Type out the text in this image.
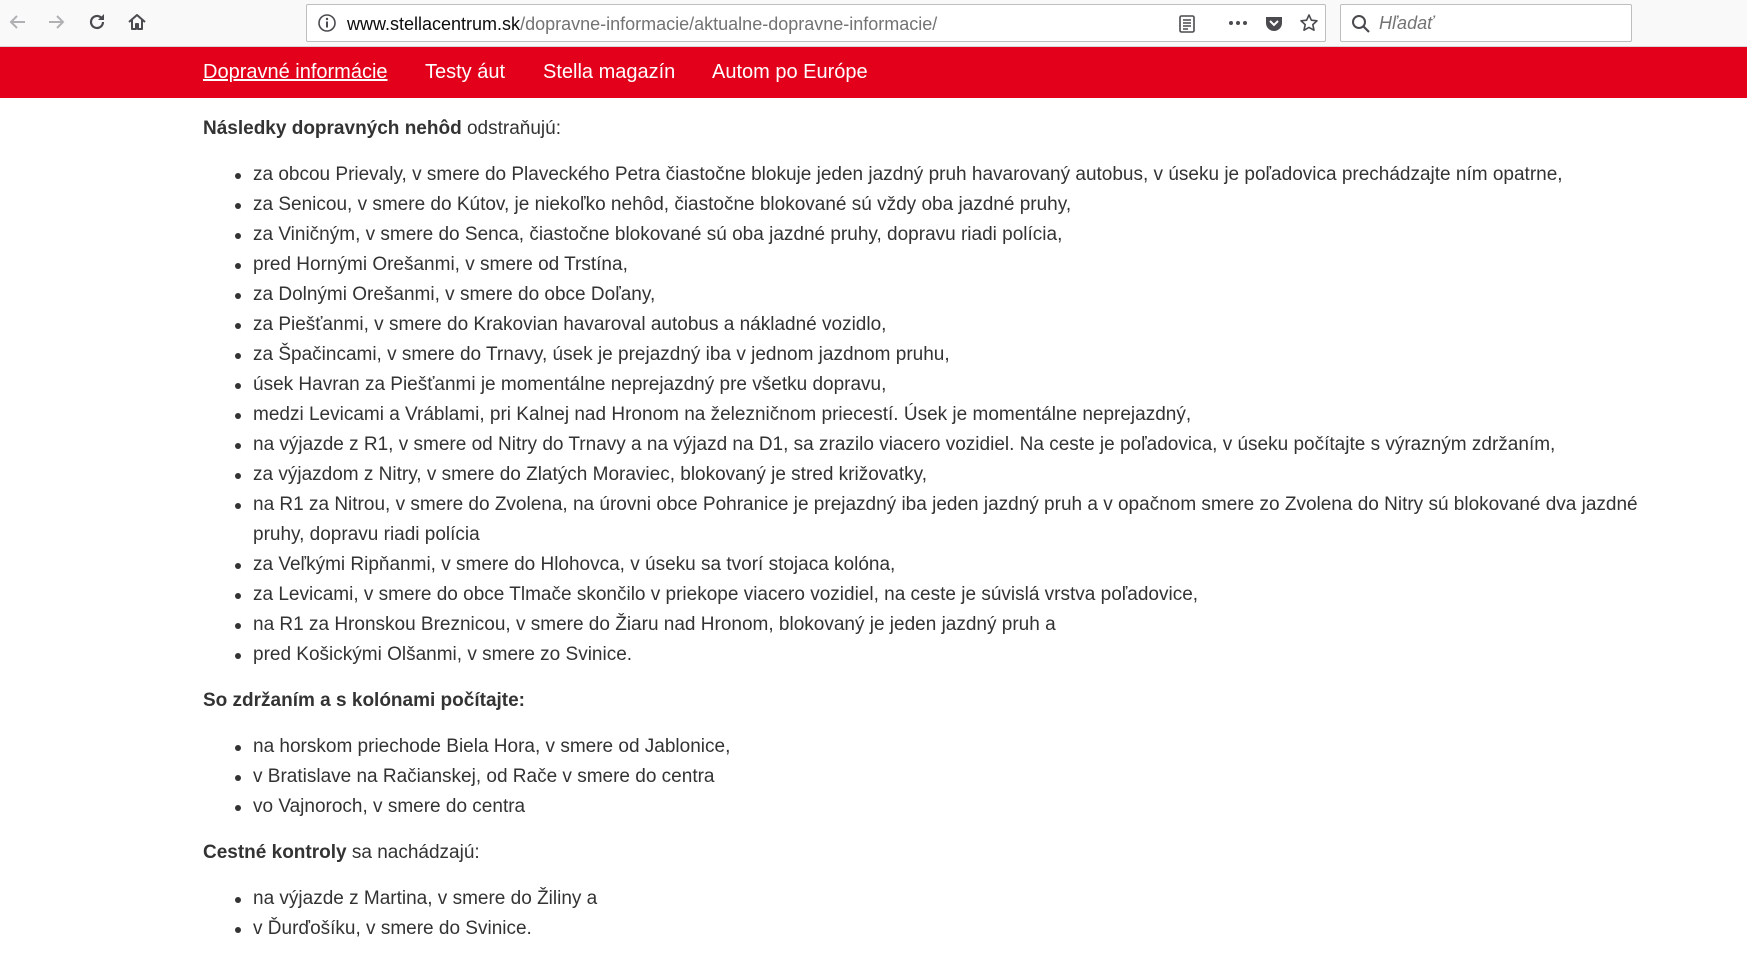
www.stellacentrum.sk/dopravne-informacie/aktualne-dopravne-informacie/
Hľadať
Dopravné informácie Testy áut Stella magazín Autom po Európe
Následky dopravných nehôd odstraňujú:
za obcou Prievaly, v smere do Plaveckého Petra čiastočne blokuje jeden jazdný pruh havarovaný autobus, v úseku je poľadovica prechádzajte ním opatrne,
za Senicou, v smere do Kútov, je niekoľko nehôd, čiastočne blokované sú vždy oba jazdné pruhy,
za Viničným, v smere do Senca, čiastočne blokované sú oba jazdné pruhy, dopravu riadi polícia,
pred Hornými Orešanmi, v smere od Trstína,
za Dolnými Orešanmi, v smere do obce Doľany,
za Piešťanmi, v smere do Krakovian havaroval autobus a nákladné vozidlo,
za Špačincami, v smere do Trnavy, úsek je prejazdný iba v jednom jazdnom pruhu,
úsek Havran za Piešťanmi je momentálne neprejazdný pre všetku dopravu,
medzi Levicami a Vráblami, pri Kalnej nad Hronom na železničnom priecestí. Úsek je momentálne neprejazdný,
na výjazde z R1, v smere od Nitry do Trnavy a na výjazd na D1, sa zrazilo viacero vozidiel. Na ceste je poľadovica, v úseku počítajte s výrazným zdržaním,
za výjazdom z Nitry, v smere do Zlatých Moraviec, blokovaný je stred križovatky,
na R1 za Nitrou, v smere do Zvolena, na úrovni obce Pohranice je prejazdný iba jeden jazdný pruh a v opačnom smere zo Zvolena do Nitry sú blokované dva jazdné pruhy, dopravu riadi polícia
za Veľkými Ripňanmi, v smere do Hlohovca, v úseku sa tvorí stojaca kolóna,
za Levicami, v smere do obce Tlmače skončilo v priekope viacero vozidiel, na ceste je súvislá vrstva poľadovice,
na R1 za Hronskou Breznicou, v smere do Žiaru nad Hronom, blokovaný je jeden jazdný pruh a
pred Košickými Olšanmi, v smere zo Svinice.
So zdržaním a s kolónami počítajte:
na horskom priechode Biela Hora, v smere od Jablonice,
v Bratislave na Račianskej, od Rače v smere do centra
vo Vajnoroch, v smere do centra
Cestné kontroly sa nachádzajú:
na výjazde z Martina, v smere do Žiliny a
v Ďurďošíku, v smere do Svinice.
